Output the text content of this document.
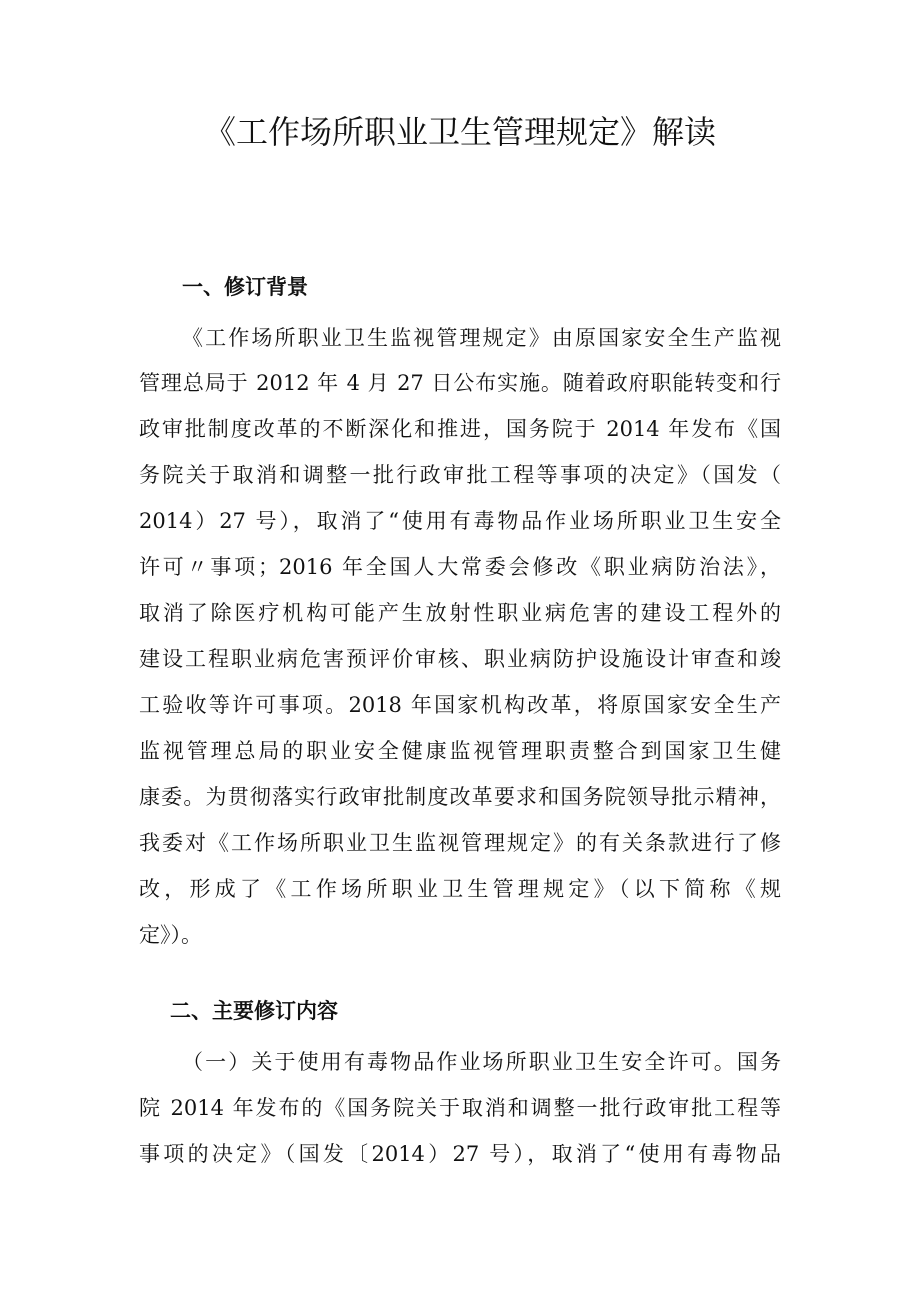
《工作场所职业卫生管理规定》解读
一、修订背景
《工作场所职业卫生监视管理规定》由原国家安全生产监视
管理总局于 2012 年 4 月 27 日公布实施。随着政府职能转变和行
政审批制度改革的不断深化和推进，国务院于 2014 年发布《国
务院关于取消和调整一批行政审批工程等事项的决定》（国发（
2014）27 号），取消了“使用有毒物品作业场所职业卫生安全
许可〃事项；2016 年全国人大常委会修改《职业病防治法》，
取消了除医疗机构可能产生放射性职业病危害的建设工程外的
建设工程职业病危害预评价审核、职业病防护设施设计审查和竣
工验收等许可事项。2018 年国家机构改革，将原国家安全生产
监视管理总局的职业安全健康监视管理职责整合到国家卫生健
康委。为贯彻落实行政审批制度改革要求和国务院领导批示精神，
我委对《工作场所职业卫生监视管理规定》的有关条款进行了修
改，形成了《工作场所职业卫生管理规定》（以下简称《规
定》）。
二、主要修订内容
（一）关于使用有毒物品作业场所职业卫生安全许可。国务
院 2014 年发布的《国务院关于取消和调整一批行政审批工程等
事项的决定》（国发〔2014）27 号），取消了“使用有毒物品
